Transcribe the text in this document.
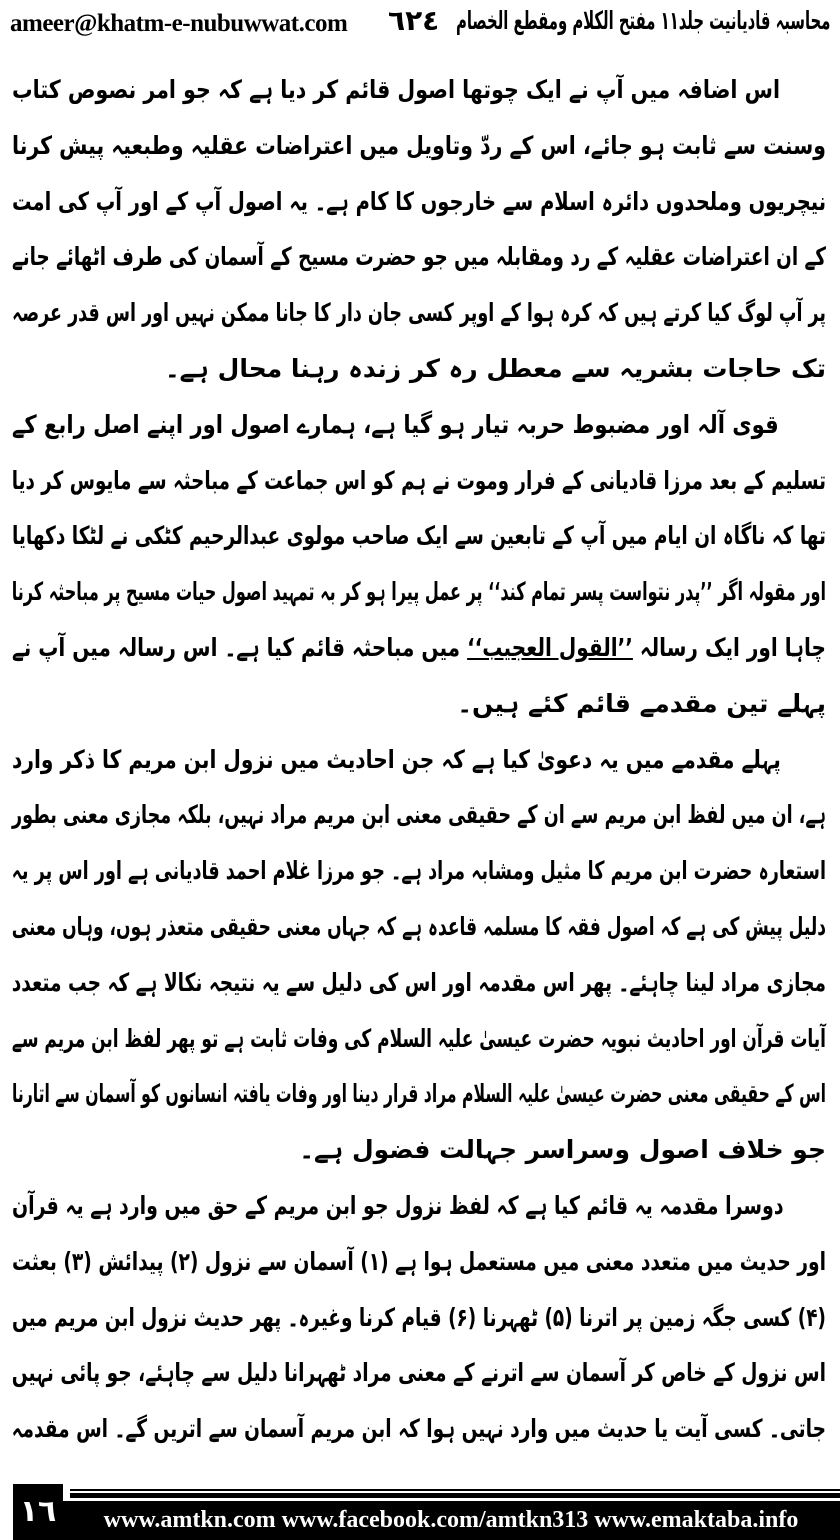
ameer@khatm-e-nubuwwat.com	٦٢٤ محاسبہ قادیانیت جلد۱۱ مفتح الکلام ومقطع الخصام
اس اضافہ میں آپ نے ایک چوتھا اصول قائم کر دیا ہے کہ جو امر نصوص کتاب
وسنت سے ثابت ہو جائے، اس کے ردّ وتاویل میں اعتراضات عقلیہ وطبعیہ پیش کرنا
نیچریوں وملحدوں دائرہ اسلام سے خارجوں کا کام ہے۔ یہ اصول آپ کے اور آپ کی امت
کے ان اعتراضات عقلیہ کے رد ومقابلہ میں جو حضرت مسیح کے آسمان کی طرف اٹھائے جانے
پر آپ لوگ کیا کرتے ہیں کہ کرہ ہوا کے اوپر کسی جان دار کا جانا ممکن نہیں اور اس قدر عرصہ
تک حاجات بشریہ سے معطل رہ کر زندہ رہنا محال ہے۔
قوی آلہ اور مضبوط حربہ تیار ہو گیا ہے، ہمارے اصول اور اپنے اصل رابع کے
تسلیم کے بعد مرزا قادیانی کے فرار وموت نے ہم کو اس جماعت کے مباحثہ سے مایوس کر دیا
تھا کہ ناگاہ ان ایام میں آپ کے تابعین سے ایک صاحب مولوی عبدالرحیم کٹکی نے لٹکا دکھایا
اور مقولہ اگر ’’پدر نتواست پسر تمام کند‘‘ پر عمل پیرا ہو کر بہ تمہید اصول حیات مسیح پر مباحثہ کرنا
چاہا اور ایک رسالہ ’’القول العجیب‘‘ میں مباحثہ قائم کیا ہے۔ اس رسالہ میں آپ نے
پہلے تین مقدمے قائم کئے ہیں۔
پہلے مقدمے میں یہ دعویٰ کیا ہے کہ جن احادیث میں نزول ابن مریم کا ذکر وارد
ہے، ان میں لفظ ابن مریم سے ان کے حقیقی معنی ابن مریم مراد نہیں، بلکہ مجازی معنی بطور
استعارہ حضرت ابن مریم کا مثیل ومشابہ مراد ہے۔ جو مرزا غلام احمد قادیانی ہے اور اس پر یہ
دلیل پیش کی ہے کہ اصول فقہ کا مسلمہ قاعدہ ہے کہ جہاں معنی حقیقی متعذر ہوں، وہاں معنی
مجازی مراد لینا چاہئے۔ پھر اس مقدمہ اور اس کی دلیل سے یہ نتیجہ نکالا ہے کہ جب متعدد
آیات قرآن اور احادیث نبویہ حضرت عیسیٰ علیہ السلام کی وفات ثابت ہے تو پھر لفظ ابن مریم سے
اس کے حقیقی معنی حضرت عیسیٰ علیہ السلام مراد قرار دینا اور وفات یافتہ انسانوں کو آسمان سے اتارنا
جو خلاف اصول وسراسر جہالت فضول ہے۔
دوسرا مقدمہ یہ قائم کیا ہے کہ لفظ نزول جو ابن مریم کے حق میں وارد ہے یہ قرآن
اور حدیث میں متعدد معنی میں مستعمل ہوا ہے (۱) آسمان سے نزول (۲) پیدائش (۳) بعثت
(۴) کسی جگہ زمین پر اترنا (۵) ٹھہرنا (۶) قیام کرنا وغیرہ۔ پھر حدیث نزول ابن مریم میں
اس نزول کے خاص کر آسمان سے اترنے کے معنی مراد ٹھہرانا دلیل سے چاہئے، جو پائی نہیں
جاتی۔ کسی آیت یا حدیث میں وارد نہیں ہوا کہ ابن مریم آسمان سے اتریں گے۔ اس مقدمہ
١٦	www.amtkn.com www.facebook.com/amtkn313 www.emaktaba.info
